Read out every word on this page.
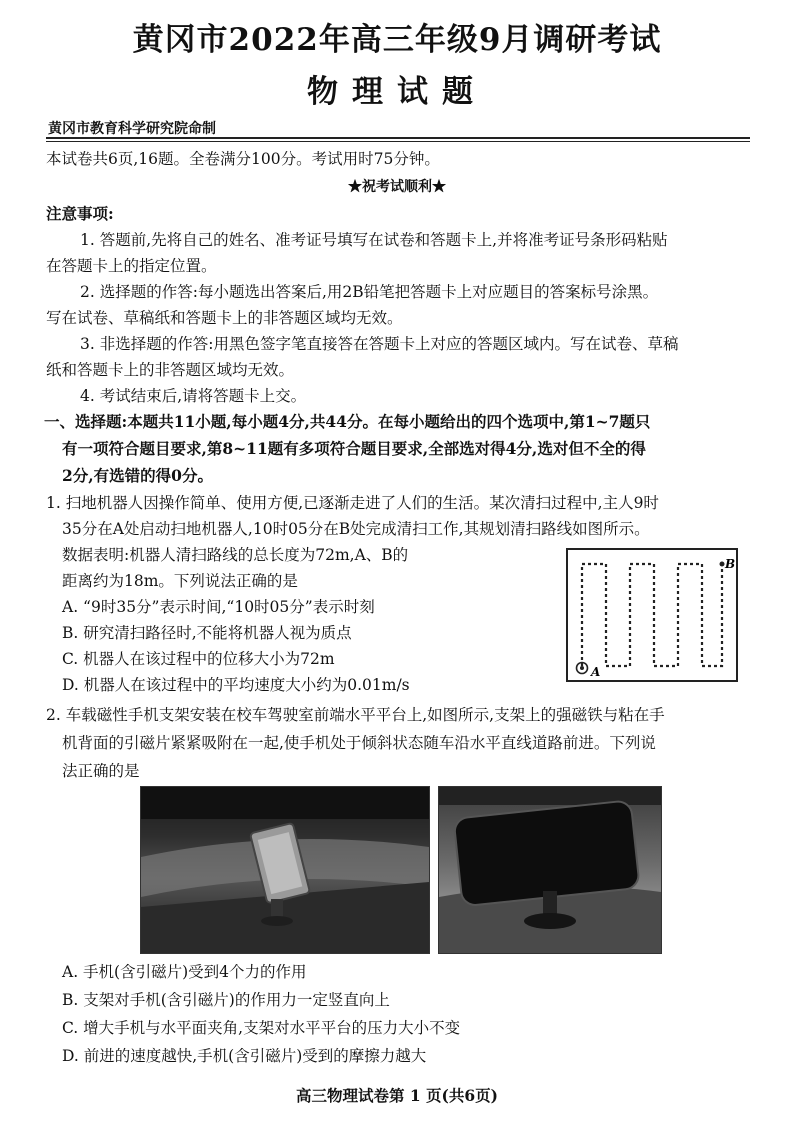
黄冈市2022年高三年级9月调研考试
物理试题
黄冈市教育科学研究院命制
本试卷共6页,16题。全卷满分100分。考试用时75分钟。
★祝考试顺利★
注意事项:
1. 答题前,先将自己的姓名、准考证号填写在试卷和答题卡上,并将准考证号条形码粘贴
在答题卡上的指定位置。
2. 选择题的作答:每小题选出答案后,用2B铅笔把答题卡上对应题目的答案标号涂黑。
写在试卷、草稿纸和答题卡上的非答题区域均无效。
3. 非选择题的作答:用黑色签字笔直接答在答题卡上对应的答题区域内。写在试卷、草稿
纸和答题卡上的非答题区域均无效。
4. 考试结束后,请将答题卡上交。
一、选择题:本题共11小题,每小题4分,共44分。在每小题给出的四个选项中,第1~7题只
有一项符合题目要求,第8~11题有多项符合题目要求,全部选对得4分,选对但不全的得
2分,有选错的得0分。
1. 扫地机器人因操作简单、使用方便,已逐渐走进了人们的生活。某次清扫过程中,主人9时
35分在A处启动扫地机器人,10时05分在B处完成清扫工作,其规划清扫路线如图所示。
数据表明:机器人清扫路线的总长度为72m,A、B的
距离约为18m。下列说法正确的是
A. “9时35分”表示时间,“10时05分”表示时刻
B. 研究清扫路径时,不能将机器人视为质点
C. 机器人在该过程中的位移大小为72m
D. 机器人在该过程中的平均速度大小约为0.01m/s
A
B
2. 车载磁性手机支架安装在校车驾驶室前端水平平台上,如图所示,支架上的强磁铁与粘在手
机背面的引磁片紧紧吸附在一起,使手机处于倾斜状态随车沿水平直线道路前进。下列说
法正确的是
A. 手机(含引磁片)受到4个力的作用
B. 支架对手机(含引磁片)的作用力一定竖直向上
C. 增大手机与水平面夹角,支架对水平平台的压力大小不变
D. 前进的速度越快,手机(含引磁片)受到的摩擦力越大
高三物理试卷第 1 页(共6页)
